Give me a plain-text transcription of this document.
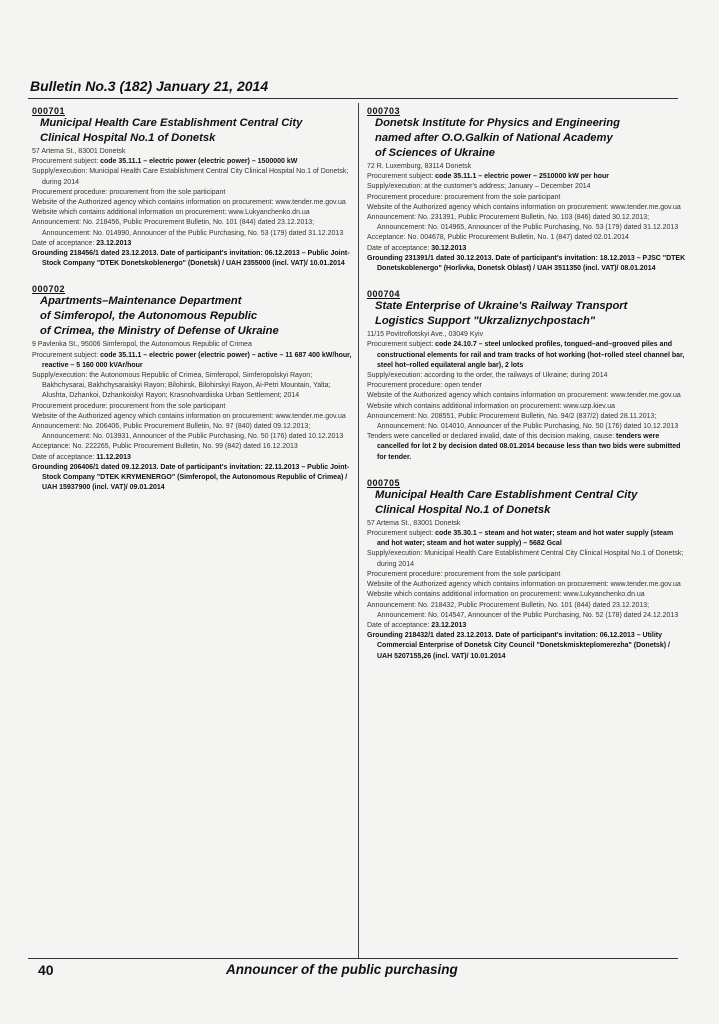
Bulletin No.3 (182) January 21, 2014
000701
Municipal Health Care Establishment Central City
Clinical Hospital No.1 of Donetsk
57 Artema St., 83001 Donetsk
Procurement subject: code 35.11.1 – electric power (electric power) – 1500000 kW
Supply/execution: Municipal Health Care Establishment Central City Clinical Hospital No.1 of Donetsk; during 2014
Procurement procedure: procurement from the sole participant
Website of the Authorized agency which contains information on procurement: www.tender.me.gov.ua
Website which contains additional information on procurement: www.Lukyanchenko.dn.ua
Announcement: No. 218456, Public Procurement Bulletin, No. 101 (844) dated 23.12.2013; Announcement: No. 014990, Announcer of the Public Purchasing, No. 53 (179) dated 31.12.2013
Date of acceptance: 23.12.2013
Grounding 218456/1 dated 23.12.2013. Date of participant's invitation: 06.12.2013 – Public Joint-Stock Company "DTEK Donetskoblenergo" (Donetsk) / UAH 2355000 (incl. VAT)/ 10.01.2014
000702
Apartments–Maintenance Department
of Simferopol, the Autonomous Republic
of Crimea, the Ministry of Defense of Ukraine
9 Pavlenka St., 95006 Simferopol, the Autonomous Republic of Crimea
Procurement subject: code 35.11.1 – electric power (electric power) – active – 11 687 400 kW/hour, reactive – 5 160 000 kVAr/hour
Supply/execution: the Autonomous Republic of Crimea, Simferopol, Simferopolskyi Rayon; Bakhchysarai, Bakhchysaraiskyi Rayon; Bilohirsk, Bilohirskyi Rayon, Ai-Petri Mountain, Yalta; Alushta, Dzhankoi, Dzhankoiskyi Rayon; Krasnohvardiiska Urban Settlement; 2014
Procurement procedure: procurement from the sole participant
Website of the Authorized agency which contains information on procurement: www.tender.me.gov.ua
Announcement: No. 206406, Public Procurement Bulletin, No. 97 (840) dated 09.12.2013; Announcement: No. 013931, Announcer of the Public Purchasing, No. 50 (176) dated 10.12.2013
Acceptance: No. 222265, Public Procurement Bulletin, No. 99 (842) dated 16.12.2013
Date of acceptance: 11.12.2013
Grounding 206406/1 dated 09.12.2013. Date of participant's invitation: 22.11.2013 – Public Joint-Stock Company "DTEK KRYMENERGO" (Simferopol, the Autonomous Republic of Crimea) / UAH 15937900 (incl. VAT)/ 09.01.2014
000703
Donetsk Institute for Physics and Engineering
named after O.O.Galkin of National Academy
of Sciences of Ukraine
72 R. Luxemburg, 83114 Donetsk
Procurement subject: code 35.11.1 – electric power – 2510000 kW per hour
Supply/execution: at the customer's address; January – December 2014
Procurement procedure: procurement from the sole participant
Website of the Authorized agency which contains information on procurement: www.tender.me.gov.ua
Announcement: No. 231391, Public Procurement Bulletin, No. 103 (846) dated 30.12.2013; Announcement: No. 014965, Announcer of the Public Purchasing, No. 53 (179) dated 31.12.2013
Acceptance: No. 004678, Public Procurement Bulletin, No. 1 (847) dated 02.01.2014
Date of acceptance: 30.12.2013
Grounding 231391/1 dated 30.12.2013. Date of participant's invitation: 18.12.2013 – PJSC "DTEK Donetskoblenergo" (Horlivka, Donetsk Oblast) / UAH 3511350 (incl. VAT)/ 08.01.2014
000704
State Enterprise of Ukraine's Railway Transport
Logistics Support "Ukrzaliznychpostach"
11/15 Povitroflotskyi Ave., 03049 Kyiv
Procurement subject: code 24.10.7 – steel unlocked profiles, tongued–and–grooved piles and constructional elements for rail and tram tracks of hot working (hot–rolled steel channel bar, steel hot–rolled equilateral angle bar), 2 lots
Supply/execution: according to the order, the railways of Ukraine; during 2014
Procurement procedure: open tender
Website of the Authorized agency which contains information on procurement: www.tender.me.gov.ua
Website which contains additional information on procurement: www.uzp.kiev.ua
Announcement: No. 208551, Public Procurement Bulletin, No. 94/2 (837/2) dated 28.11.2013; Announcement: No. 014010, Announcer of the Public Purchasing, No. 50 (176) dated 10.12.2013
Tenders were cancelled or declared invalid, date of this decision making, cause: tenders were cancelled for lot 2 by decision dated 08.01.2014 because less than two bids were submitted for tender.
000705
Municipal Health Care Establishment Central City
Clinical Hospital No.1 of Donetsk
57 Artema St., 83001 Donetsk
Procurement subject: code 35.30.1 – steam and hot water; steam and hot water supply (steam and hot water; steam and hot water supply) – 5682 Gcal
Supply/execution: Municipal Health Care Establishment Central City Clinical Hospital No.1 of Donetsk; during 2014
Procurement procedure: procurement from the sole participant
Website of the Authorized agency which contains information on procurement: www.tender.me.gov.ua
Website which contains additional information on procurement: www.Lukyanchenko.dn.ua
Announcement: No. 218432, Public Procurement Bulletin, No. 101 (844) dated 23.12.2013; Announcement: No. 014547, Announcer of the Public Purchasing, No. 52 (178) dated 24.12.2013
Date of acceptance: 23.12.2013
Grounding 218432/1 dated 23.12.2013. Date of participant's invitation: 06.12.2013 – Utility Commercial Enterprise of Donetsk City Council "Donetskmiskteplomerezha" (Donetsk) / UAH 5207155,26 (incl. VAT)/ 10.01.2014
40	Announcer of the public purchasing
